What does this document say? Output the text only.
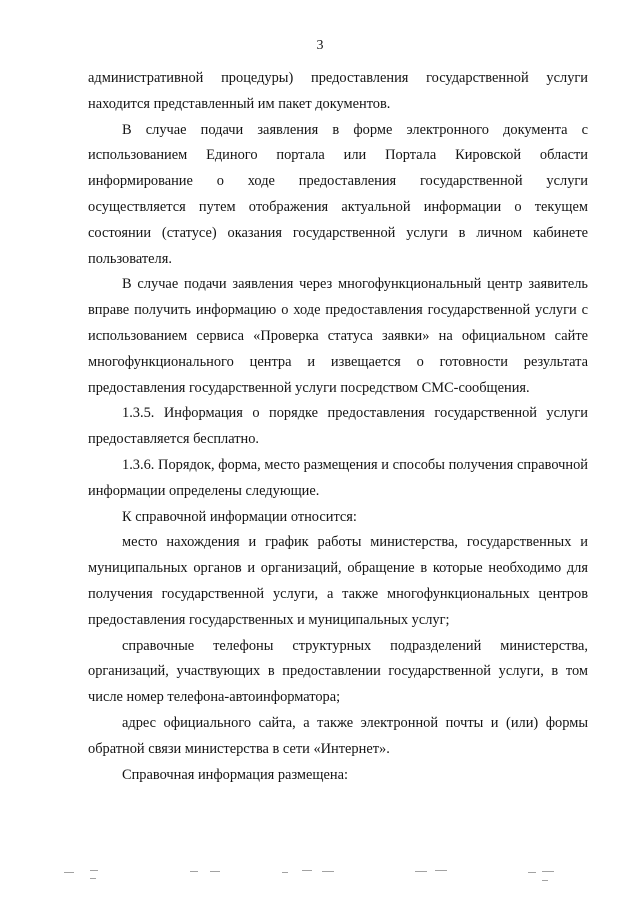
3

административной процедуры) предоставления государственной услуги находится представленный им пакет документов.

В случае подачи заявления в форме электронного документа с использованием Единого портала или Портала Кировской области информирование о ходе предоставления государственной услуги осуществляется путем отображения актуальной информации о текущем состоянии (статусе) оказания государственной услуги в личном кабинете пользователя.

В случае подачи заявления через многофункциональный центр заявитель вправе получить информацию о ходе предоставления государственной услуги с использованием сервиса «Проверка статуса заявки» на официальном сайте многофункционального центра и извещается о готовности результата предоставления государственной услуги посредством СМС-сообщения.

1.3.5. Информация о порядке предоставления государственной услуги предоставляется бесплатно.

1.3.6. Порядок, форма, место размещения и способы получения справочной информации определены следующие.

К справочной информации относится:

место нахождения и график работы министерства, государственных и муниципальных органов и организаций, обращение в которые необходимо для получения государственной услуги, а также многофункциональных центров предоставления государственных и муниципальных услуг;

справочные телефоны структурных подразделений министерства, организаций, участвующих в предоставлении государственной услуги, в том числе номер телефона-автоинформатора;

адрес официального сайта, а также электронной почты и (или) формы обратной связи министерства в сети «Интернет».

Справочная информация размещена:
